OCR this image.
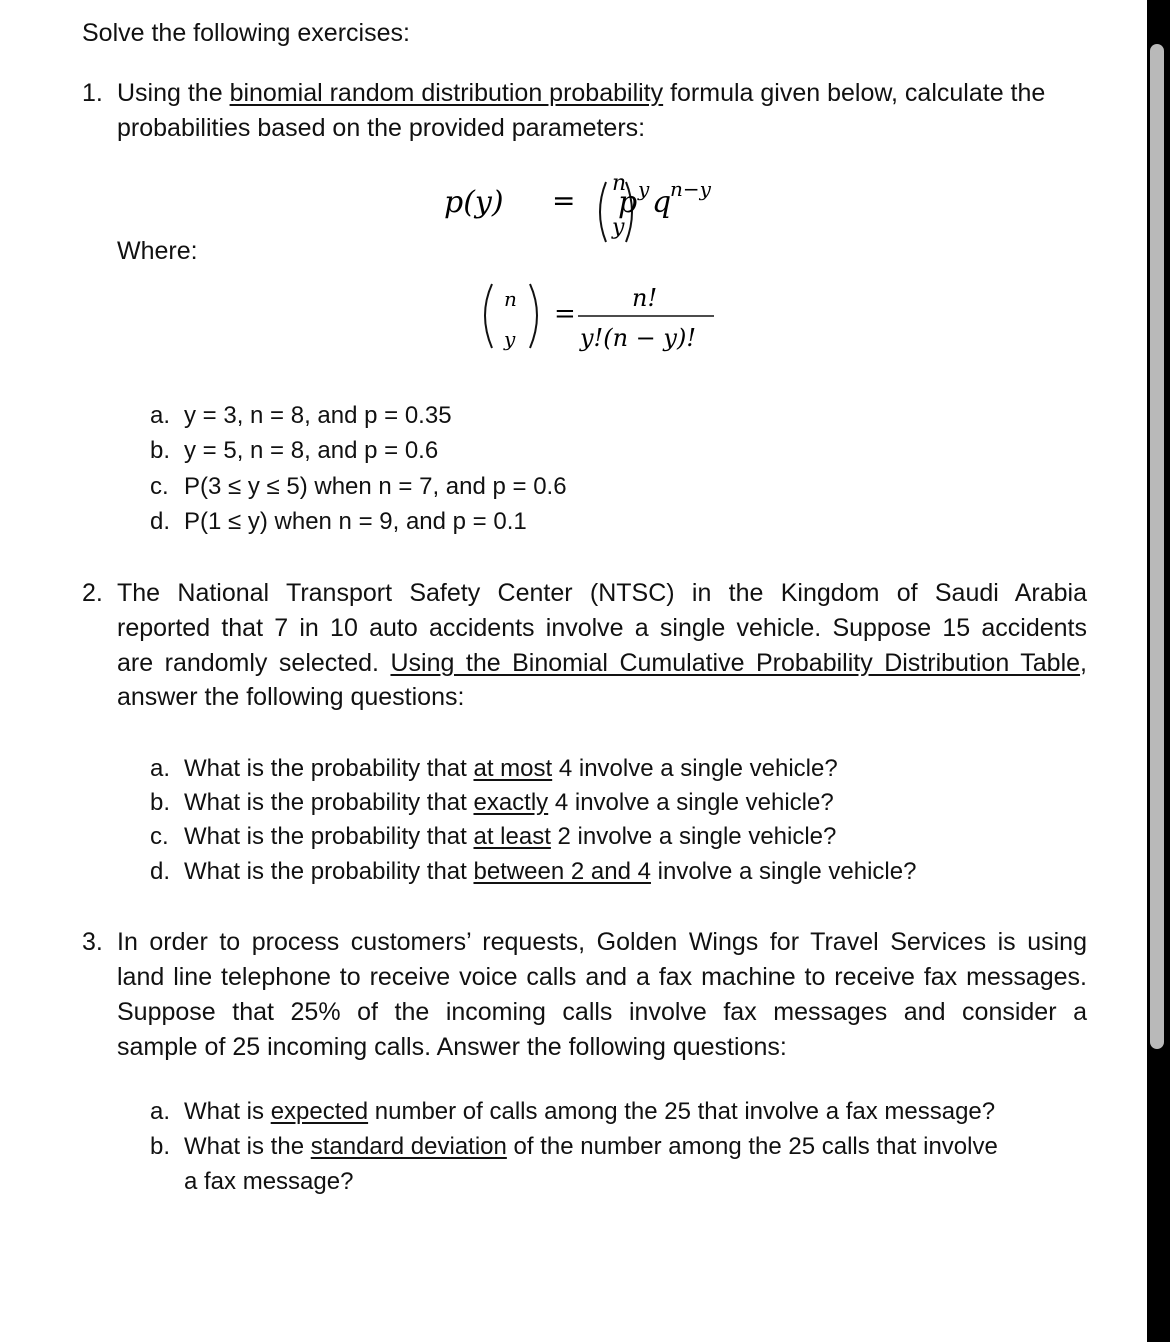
Solve the following exercises:
1. Using the binomial random distribution probability formula given below, calculate the
probabilities based on the provided parameters:
p(y) =
n
y
p y q
n−y
Where:
n
y
=
n!
y!(n − y)!
a. y = 3, n = 8, and p = 0.35
b. y = 5, n = 8, and p = 0.6
c. P(3 ≤ y ≤ 5) when n = 7, and p = 0.6
d. P(1 ≤ y) when n = 9, and p = 0.1
2. The National Transport Safety Center (NTSC) in the Kingdom of Saudi Arabia
reported that 7 in 10 auto accidents involve a single vehicle. Suppose 15 accidents
are randomly selected. Using the Binomial Cumulative Probability Distribution Table,
answer the following questions:
a. What is the probability that at most 4 involve a single vehicle?
b. What is the probability that exactly 4 involve a single vehicle?
c. What is the probability that at least 2 involve a single vehicle?
d. What is the probability that between 2 and 4 involve a single vehicle?
3. In order to process customers’ requests, Golden Wings for Travel Services is using
land line telephone to receive voice calls and a fax machine to receive fax messages.
Suppose that 25% of the incoming calls involve fax messages and consider a
sample of 25 incoming calls. Answer the following questions:
a. What is expected number of calls among the 25 that involve a fax message?
b. What is the standard deviation of the number among the 25 calls that involve
a fax message?
